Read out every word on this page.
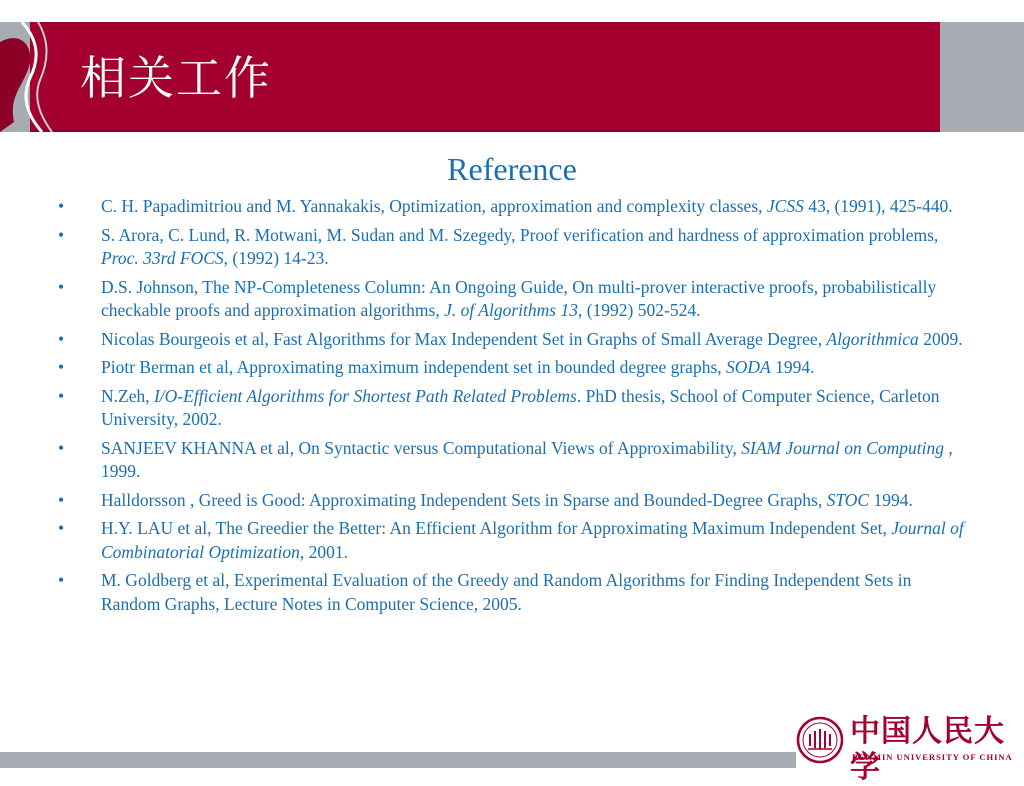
相关工作
Reference
• C. H. Papadimitriou and M. Yannakakis, Optimization, approximation and complexity classes, JCSS 43, (1991), 425-440.
• S. Arora, C. Lund, R. Motwani, M. Sudan and M. Szegedy, Proof verification and hardness of approximation problems, Proc. 33rd FOCS, (1992) 14-23.
• D.S. Johnson, The NP-Completeness Column: An Ongoing Guide, On multi-prover interactive proofs, probabilistically checkable proofs and approximation algorithms, J. of Algorithms 13, (1992) 502-524.
• Nicolas Bourgeois et al, Fast Algorithms for Max Independent Set in Graphs of Small Average Degree, Algorithmica 2009.
• Piotr Berman et al, Approximating maximum independent set in bounded degree graphs, SODA 1994.
• N.Zeh, I/O-Efficient Algorithms for Shortest Path Related Problems. PhD thesis, School of Computer Science, Carleton University, 2002.
• SANJEEV KHANNA et al, On Syntactic versus Computational Views of Approximability, SIAM Journal on Computing , 1999.
• Halldorsson , Greed is Good: Approximating Independent Sets in Sparse and Bounded-Degree Graphs, STOC 1994.
• H.Y. LAU et al, The Greedier the Better: An Efficient Algorithm for Approximating Maximum Independent Set, Journal of Combinatorial Optimization, 2001.
• M. Goldberg et al, Experimental Evaluation of the Greedy and Random Algorithms for Finding Independent Sets in Random Graphs, Lecture Notes in Computer Science, 2005.
中国人民大学
RENMIN UNIVERSITY OF CHINA
